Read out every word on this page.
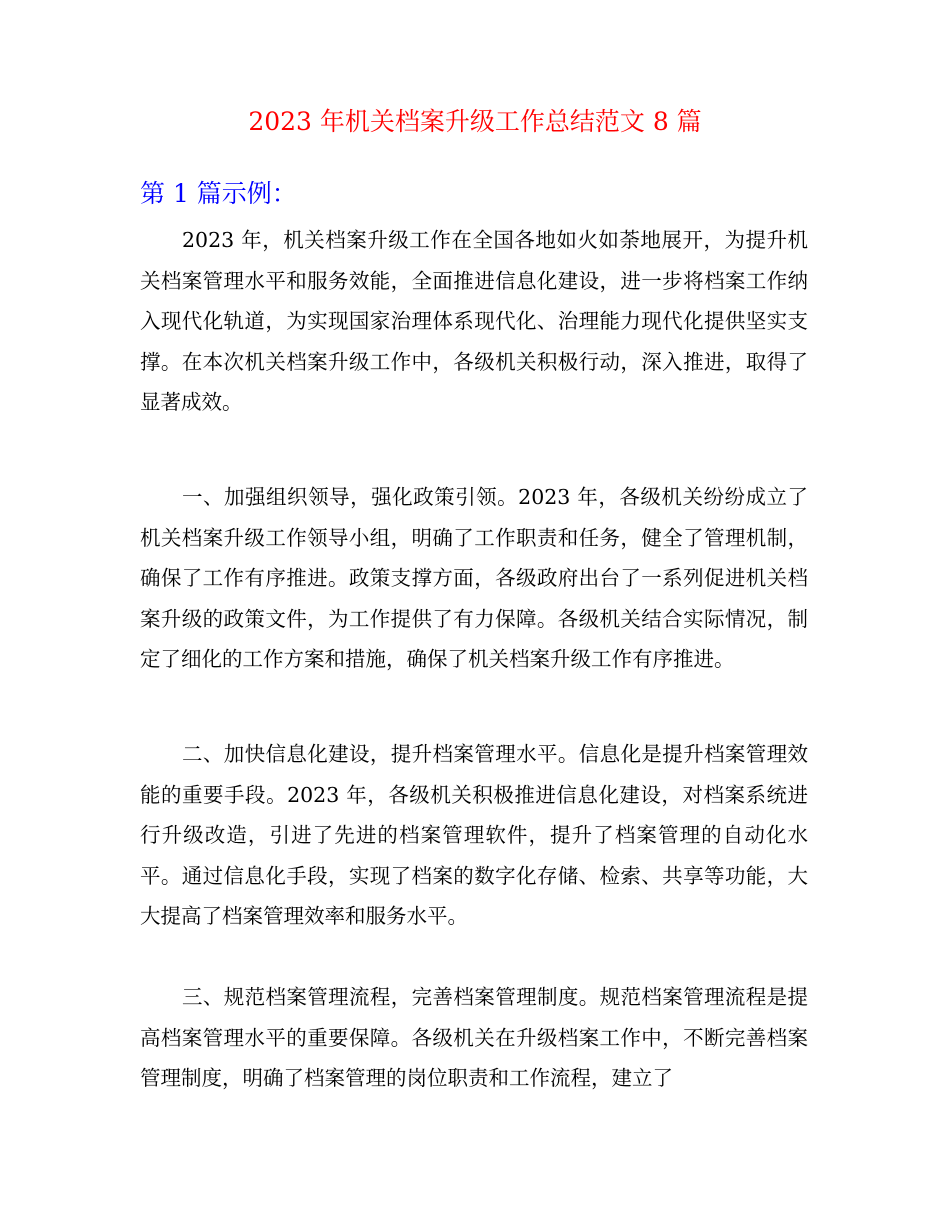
2023 年机关档案升级工作总结范文 8 篇
第 1 篇示例：

2023 年，机关档案升级工作在全国各地如火如荼地展开，为提升机关档案管理水平和服务效能，全面推进信息化建设，进一步将档案工作纳入现代化轨道，为实现国家治理体系现代化、治理能力现代化提供坚实支撑。在本次机关档案升级工作中，各级机关积极行动，深入推进，取得了显著成效。

一、加强组织领导，强化政策引领。2023 年，各级机关纷纷成立了机关档案升级工作领导小组，明确了工作职责和任务，健全了管理机制，确保了工作有序推进。政策支撑方面，各级政府出台了一系列促进机关档案升级的政策文件，为工作提供了有力保障。各级机关结合实际情况，制定了细化的工作方案和措施，确保了机关档案升级工作有序推进。

二、加快信息化建设，提升档案管理水平。信息化是提升档案管理效能的重要手段。2023 年，各级机关积极推进信息化建设，对档案系统进行升级改造，引进了先进的档案管理软件，提升了档案管理的自动化水平。通过信息化手段，实现了档案的数字化存储、检索、共享等功能，大大提高了档案管理效率和服务水平。

三、规范档案管理流程，完善档案管理制度。规范档案管理流程是提高档案管理水平的重要保障。各级机关在升级档案工作中，不断完善档案管理制度，明确了档案管理的岗位职责和工作流程，建立了
